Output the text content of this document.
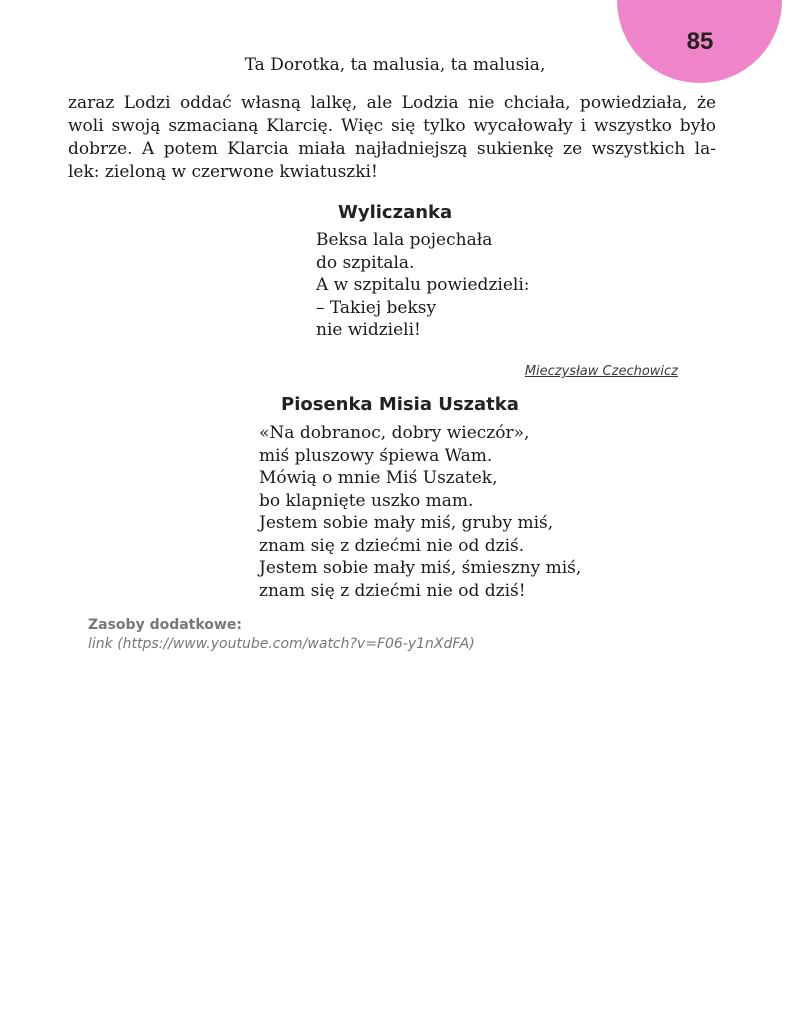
85
Ta Dorotka, ta malusia, ta malusia,

zaraz Lodzi oddać własną lalkę, ale Lodzia nie chciała, powiedziała, że woli swoją szmacianą Klarcię. Więc się tylko wycałowały i wszystko było dobrze. A potem Klarcia miała najładniejszą sukienkę ze wszystkich la- lek: zieloną w czerwone kwiatuszki!

Wyliczanka
Beksa lala pojechała
do szpitala.
A w szpitalu powiedzieli:
– Takiej beksy
nie widzieli!
Mieczysław Czechowicz
Piosenka Misia Uszatka
«Na dobranoc, dobry wieczór»,
miś pluszowy śpiewa Wam.
Mówią o mnie Miś Uszatek,
bo klapnięte uszko mam.
Jestem sobie mały miś, gruby miś,
znam się z dziećmi nie od dziś.
Jestem sobie mały miś, śmieszny miś,
znam się z dziećmi nie od dziś!
Zasoby dodatkowe:
link (https://www.youtube.com/watch?v=F06-y1nXdFA)
